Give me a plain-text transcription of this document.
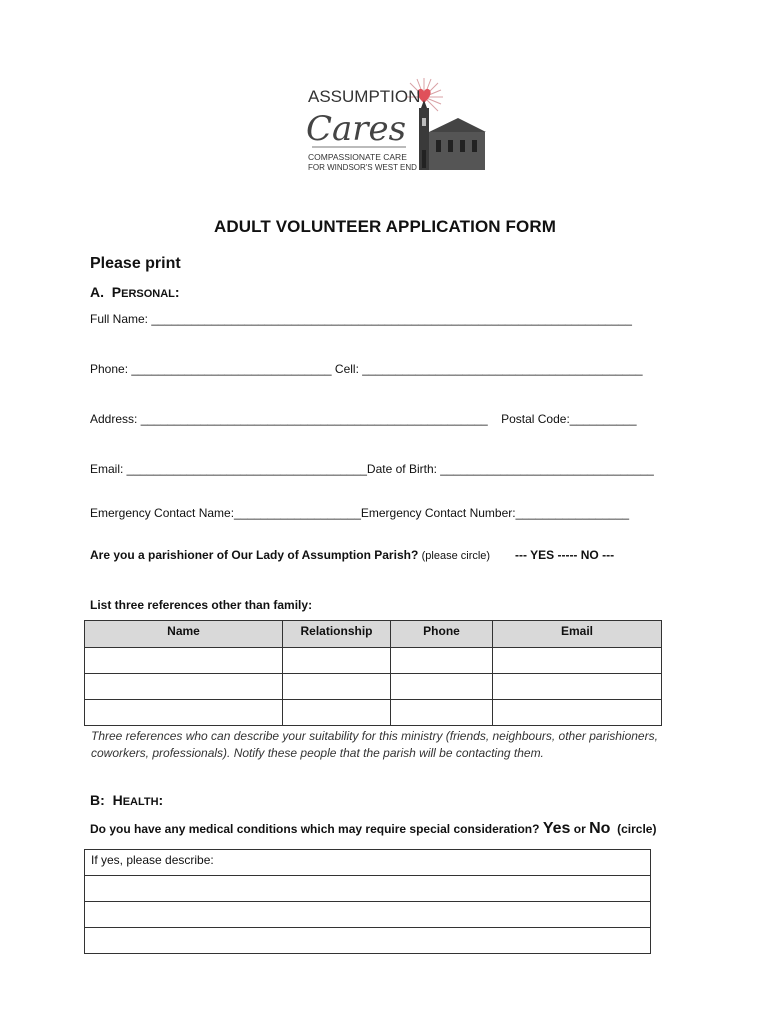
ASSUMPTION
Cares
COMPASSIONATE CARE
FOR WINDSOR'S WEST END
ADULT VOLUNTEER APPLICATION FORM
Please print
A. PERSONAL:
Full Name: ________________________________________________________________________
Phone: ______________________________ Cell: __________________________________________
Address: ____________________________________________________    Postal Code:__________
Email: ____________________________________Date of Birth: ________________________________
Emergency Contact Name:___________________Emergency Contact Number:_________________
Are you a parishioner of Our Lady of Assumption Parish? (please circle) --- YES ----- NO ---
List three references other than family:
Name	Relationship	Phone	Email

Three references who can describe your suitability for this ministry (friends, neighbours, other parishioners, coworkers, professionals). Notify these people that the parish will be contacting them.
B: HEALTH:
Do you have any medical conditions which may require special consideration? Yes or No (circle)
If yes, please describe:
